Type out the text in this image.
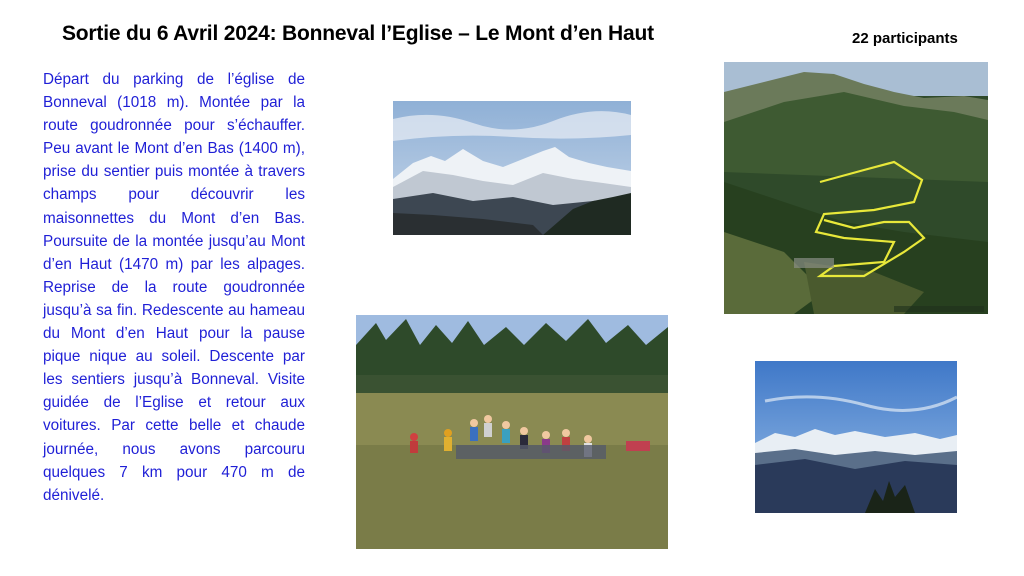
Sortie du 6 Avril 2024: Bonneval l’Eglise – Le Mont d’en Haut	22 participants
Départ du parking de l’église de Bonneval (1018 m). Montée par la route goudronnée pour s’échauffer. Peu avant le Mont d’en Bas (1400 m), prise du sentier puis montée à travers champs pour découvrir les maisonnettes du Mont d’en Bas. Poursuite de la montée jusqu’au Mont d’en Haut (1470 m) par les alpages. Reprise de la route goudronnée jusqu’à sa fin. Redescente au hameau du Mont d’en Haut pour la pause pique nique au soleil. Descente par les sentiers jusqu’à Bonneval. Visite guidée de l’Eglise et retour aux voitures. Par cette belle et chaude journée, nous avons parcouru quelques 7 km pour 470 m de dénivelé.
